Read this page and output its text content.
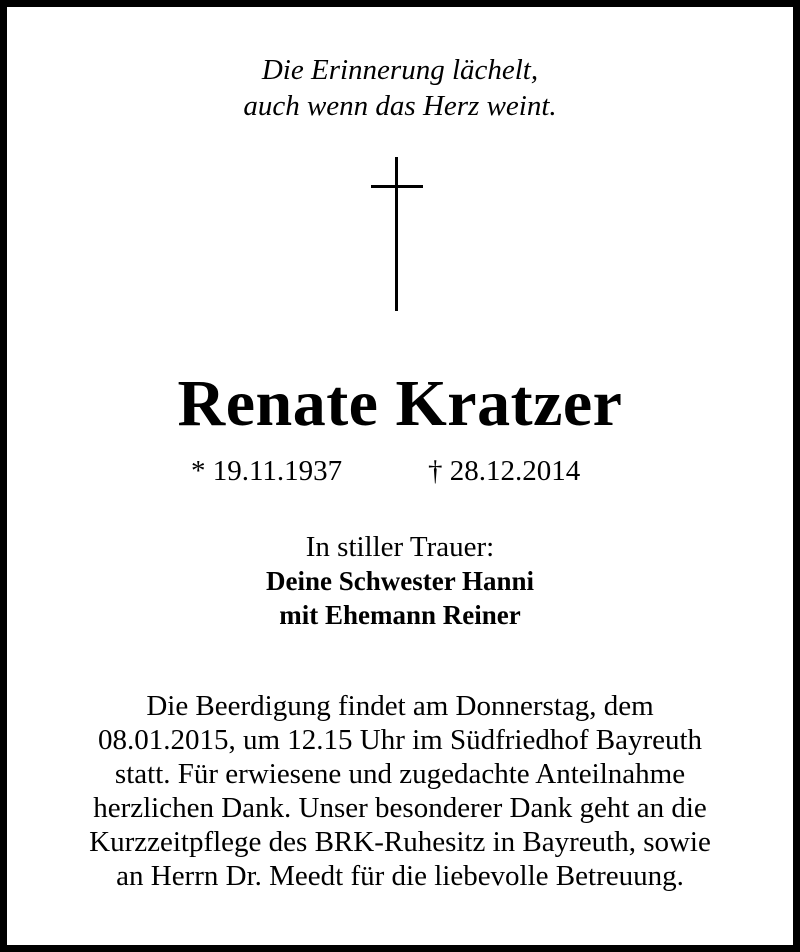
Die Erinnerung lächelt,
auch wenn das Herz weint.
Renate Kratzer
* 19.11.1937	† 28.12.2014
In stiller Trauer:
Deine Schwester Hanni
mit Ehemann Reiner
Die Beerdigung findet am Donnerstag, dem
08.01.2015, um 12.15 Uhr im Südfriedhof Bayreuth
statt. Für erwiesene und zugedachte Anteilnahme
herzlichen Dank. Unser besonderer Dank geht an die
Kurzzeitpflege des BRK-Ruhesitz in Bayreuth, sowie
an Herrn Dr. Meedt für die liebevolle Betreuung.
